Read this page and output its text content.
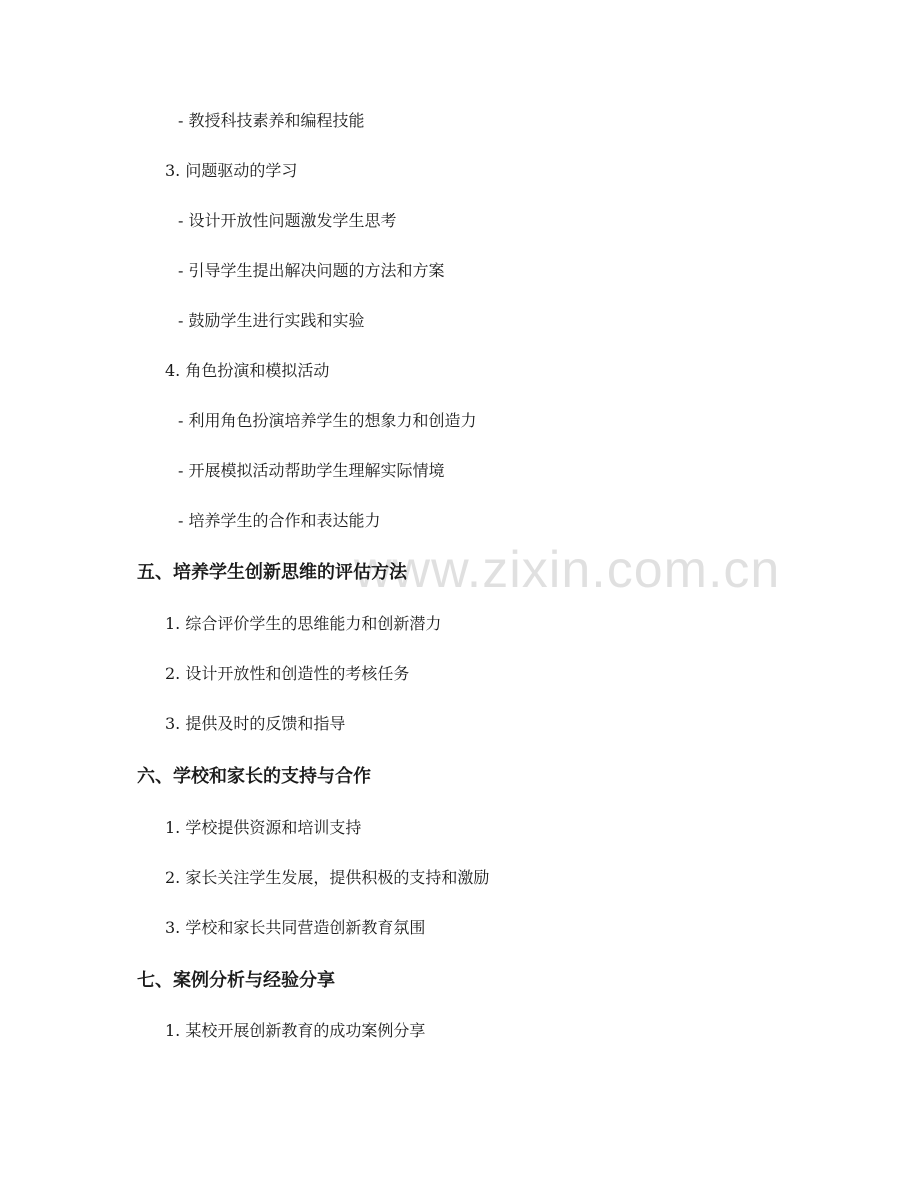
- 教授科技素养和编程技能
3. 问题驱动的学习
- 设计开放性问题激发学生思考
- 引导学生提出解决问题的方法和方案
- 鼓励学生进行实践和实验
4. 角色扮演和模拟活动
- 利用角色扮演培养学生的想象力和创造力
- 开展模拟活动帮助学生理解实际情境
- 培养学生的合作和表达能力
五、培养学生创新思维的评估方法
1. 综合评价学生的思维能力和创新潜力
2. 设计开放性和创造性的考核任务
3. 提供及时的反馈和指导
六、学校和家长的支持与合作
1. 学校提供资源和培训支持
2. 家长关注学生发展，提供积极的支持和激励
3. 学校和家长共同营造创新教育氛围
七、案例分析与经验分享
1. 某校开展创新教育的成功案例分享
www.zixin.com.cn
